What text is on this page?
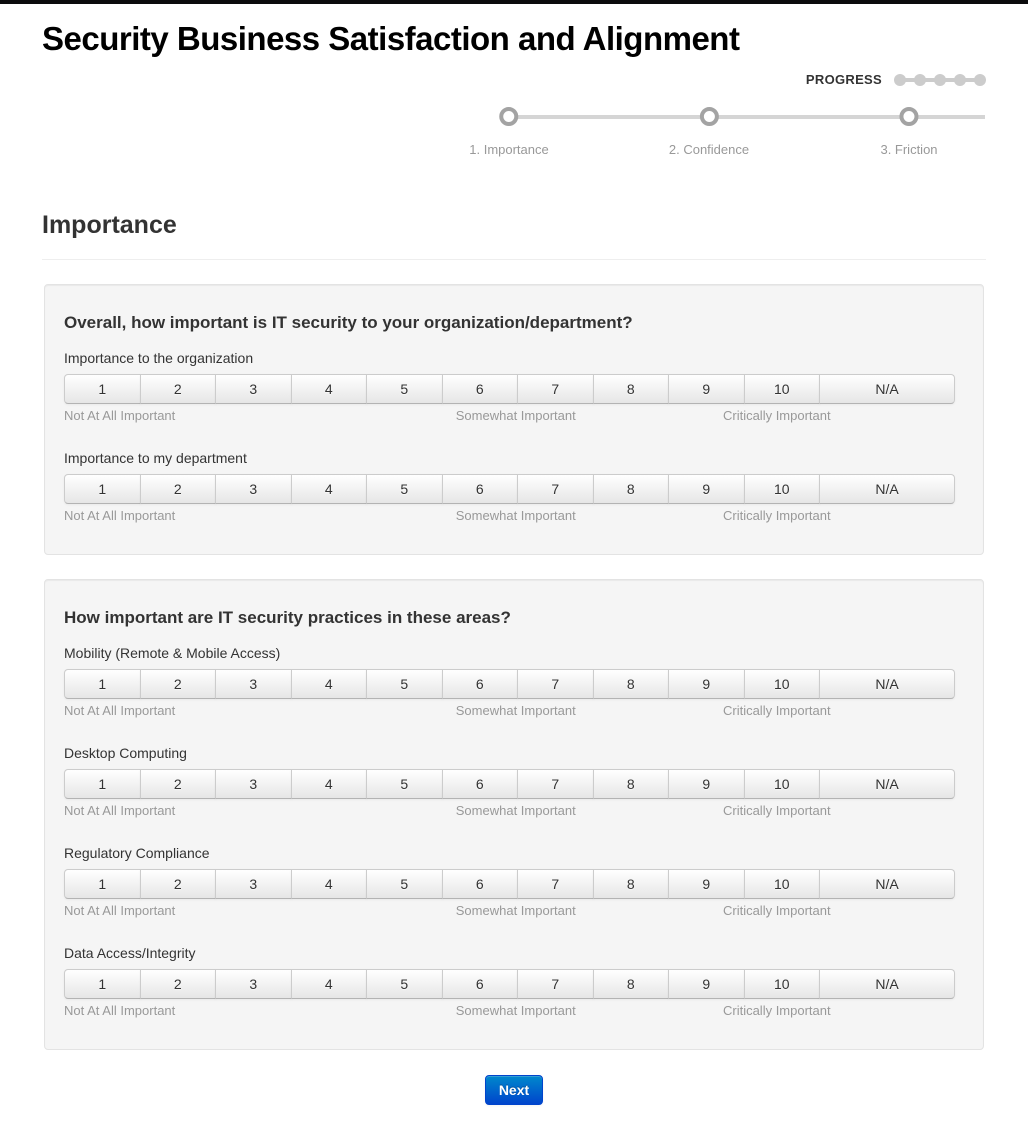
Security Business Satisfaction and Alignment
PROGRESS
1. Importance	2. Confidence	3. Friction
Importance
Overall, how important is IT security to your organization/department?
Importance to the organization
1	2	3	4	5	6	7	8	9	10	N/A
Not At All Important	Somewhat Important	Critically Important
Importance to my department
1	2	3	4	5	6	7	8	9	10	N/A
Not At All Important	Somewhat Important	Critically Important
How important are IT security practices in these areas?
Mobility (Remote & Mobile Access)
1	2	3	4	5	6	7	8	9	10	N/A
Not At All Important	Somewhat Important	Critically Important
Desktop Computing
1	2	3	4	5	6	7	8	9	10	N/A
Not At All Important	Somewhat Important	Critically Important
Regulatory Compliance
1	2	3	4	5	6	7	8	9	10	N/A
Not At All Important	Somewhat Important	Critically Important
Data Access/Integrity
1	2	3	4	5	6	7	8	9	10	N/A
Not At All Important	Somewhat Important	Critically Important
Next
